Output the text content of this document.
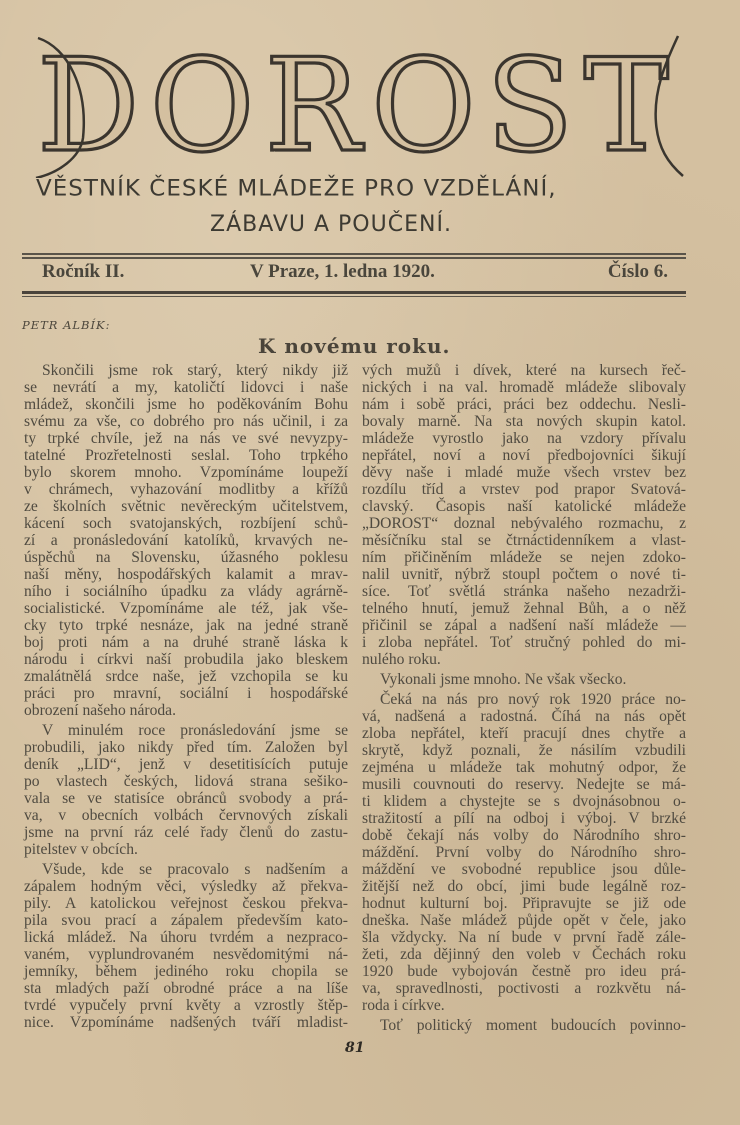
DOROST
VĚSTNÍK ČESKÉ MLÁDEŽE PRO VZDĚLÁNÍ,
ZÁBAVU A POUČENÍ.
Ročník II.	V Praze, 1. ledna 1920.	Číslo 6.
PETR ALBÍK:
K novému roku.

Skončili jsme rok starý, který nikdy již
se nevrátí a my, katoličtí lidovci i naše
mládež, skončili jsme ho poděkováním Bohu
svému za vše, co dobrého pro nás učinil, i za
ty trpké chvíle, jež na nás ve své nevyzpy-
tatelné Prozřetelnosti seslal. Toho trpkého
bylo skorem mnoho. Vzpomínáme loupeží
v chrámech, vyhazování modlitby a křížů
ze školních světnic nevěreckým učitelstvem,
kácení soch svatojanských, rozbíjení schů-
zí a pronásledování katolíků, krvavých ne-
úspěchů na Slovensku, úžasného poklesu
naší měny, hospodářských kalamit a mrav-
ního i sociálního úpadku za vlády agrárně-
socialistické. Vzpomínáme ale též, jak vše-
cky tyto trpké nesnáze, jak na jedné straně
boj proti nám a na druhé straně láska k
národu i církvi naší probudila jako bleskem
zmalátnělá srdce naše, jež vzchopila se ku
práci pro mravní, sociální i hospodářské
obrození našeho národa.

V minulém roce pronásledování jsme se
probudili, jako nikdy před tím. Založen byl
deník „LID“, jenž v desetitisících putuje
po vlastech českých, lidová strana sešiko-
vala se ve statisíce obránců svobody a prá-
va, v obecních volbách červnových získali
jsme na první ráz celé řady členů do zastu-
pitelstev v obcích.

Všude, kde se pracovalo s nadšením a
zápalem hodným věci, výsledky až překva-
pily. A katolickou veřejnost českou překva-
pila svou prací a zápalem především kato-
lická mládež. Na úhoru tvrdém a nezpraco-
vaném, vyplundrovaném nesvědomitými ná-
jemníky, během jediného roku chopila se
sta mladých paží obrodné práce a na líše
tvrdé vypučely první květy a vzrostly štěp-
nice. Vzpomínáme nadšených tváří mladist-

vých mužů i dívek, které na kursech řeč-
nických i na val. hromadě mládeže slibovaly
nám i sobě práci, práci bez oddechu. Nesli-
bovaly marně. Na sta nových skupin katol.
mládeže vyrostlo jako na vzdory přívalu
nepřátel, noví a noví předbojovníci šikují
děvy naše i mladé muže všech vrstev bez
rozdílu tříd a vrstev pod prapor Svatová-
clavský. Časopis naší katolické mládeže
„DOROST“ doznal nebývalého rozmachu, z
měsíčníku stal se čtrnáctidenníkem a vlast-
ním přičiněním mládeže se nejen zdoko-
nalil uvnitř, nýbrž stoupl počtem o nové ti-
síce. Toť světlá stránka našeho nezadrži-
telného hnutí, jemuž žehnal Bůh, a o něž
přičinil se zápal a nadšení naší mládeže —
i zloba nepřátel. Toť stručný pohled do mi-
nulého roku.

Vykonali jsme mnoho. Ne však všecko.

Čeká na nás pro nový rok 1920 práce no-
vá, nadšená a radostná. Číhá na nás opět
zloba nepřátel, kteří pracují dnes chytře a
skrytě, když poznali, že násilím vzbudili
zejména u mládeže tak mohutný odpor, že
musili couvnouti do reservy. Nedejte se má-
ti klidem a chystejte se s dvojnásobnou o-
stražitostí a pílí na odboj i výboj. V brzké
době čekají nás volby do Národního shro-
máždění. První volby do Národního shro-
máždění ve svobodné republice jsou důle-
žitější než do obcí, jimi bude legálně roz-
hodnut kulturní boj. Připravujte se již ode
dneška. Naše mládež půjde opět v čele, jako
šla vždycky. Na ní bude v první řadě zále-
žeti, zda dějinný den voleb v Čechách roku
1920 bude vybojován čestně pro ideu prá-
va, spravedlnosti, poctivosti a rozkvětu ná-
roda i církve.

Toť politický moment budoucích povinno-

81
